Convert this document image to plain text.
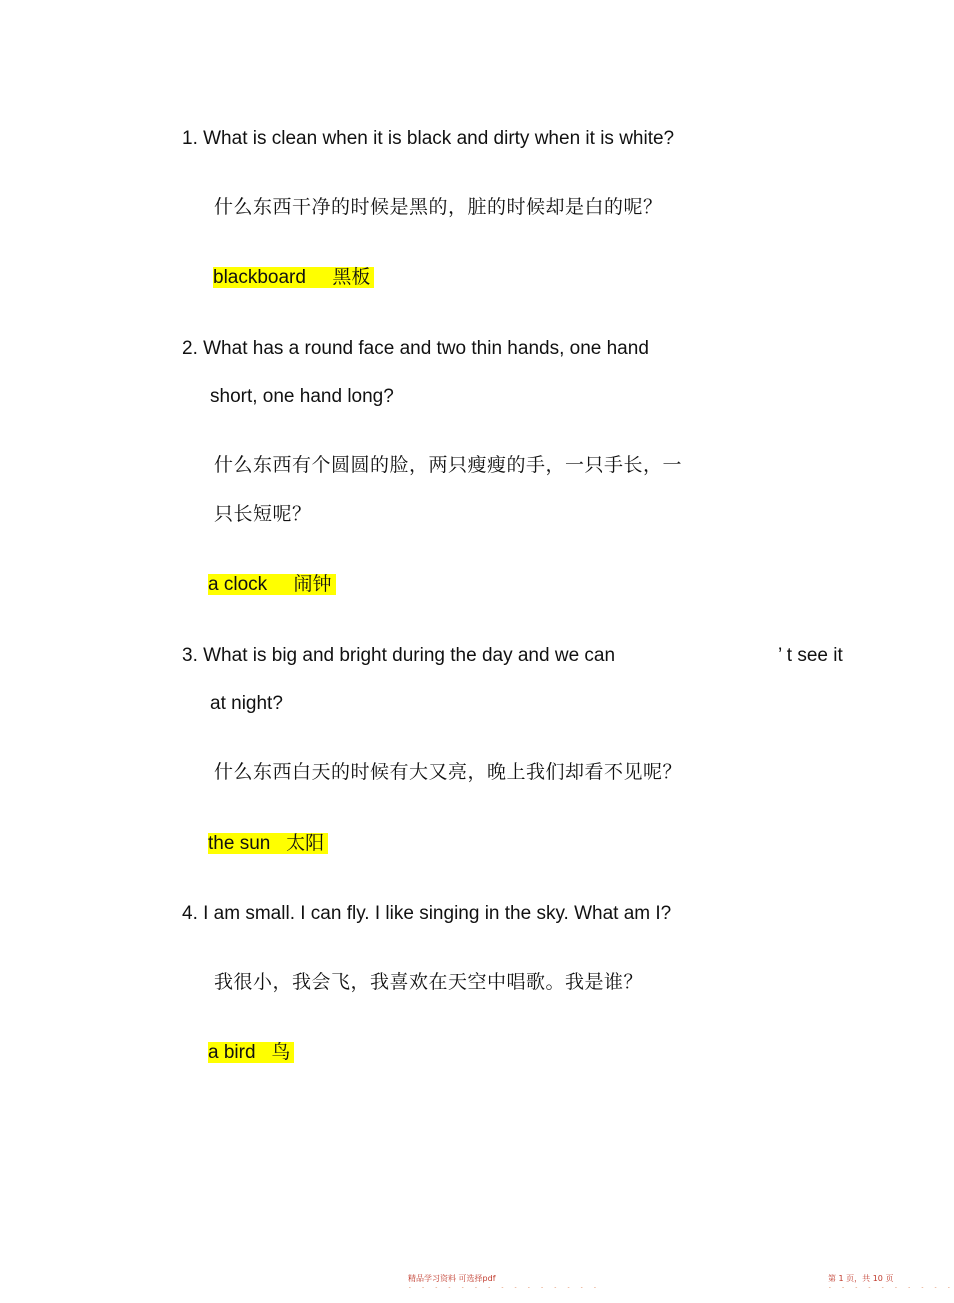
1. What is clean when it is black and dirty when it is white?
什么东西干净的时候是黑的，脏的时候却是白的呢？
blackboard     黑板
2. What has a round face and two thin hands, one hand
short, one hand long?
什么东西有个圆圆的脸，两只瘦瘦的手，一只手长，一
只长短呢？
a clock     闹钟
3. What is big and bright during the day and we can	’ t see it
at night?
什么东西白天的时候有大又亮，晚上我们却看不见呢？
the sun   太阳
4. I am small. I can fly. I like singing in the sky. What am I?
我很小，我会飞，我喜欢在天空中唱歌。我是谁？
a bird   鸟
精品学习资料 可选择pdf	第 1 页，共 10 页
- - - - - - - - - - - - - - -	- - - - - - - - - -
